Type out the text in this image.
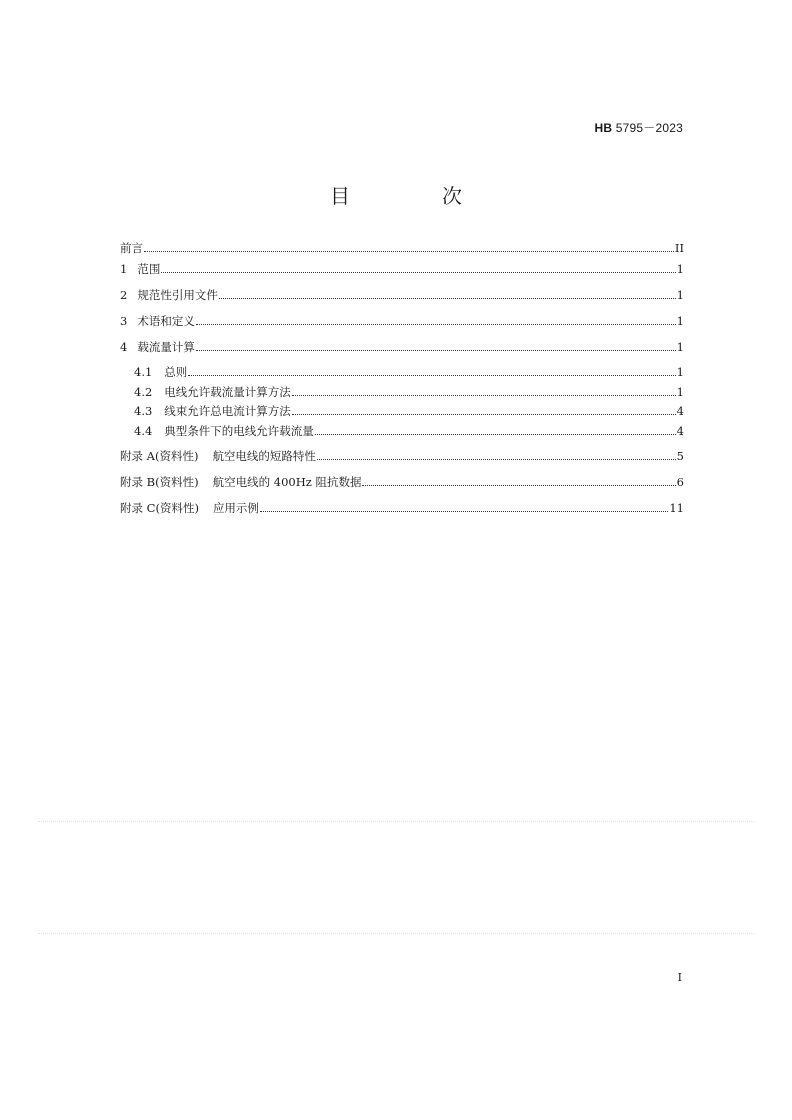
HB 5795－2023
目　次
前言	II
1 范围	1
2 规范性引用文件	1
3 术语和定义	1
4 载流量计算	1
4.1 总则	1
4.2 电线允许载流量计算方法	1
4.3 线束允许总电流计算方法	4
4.4 典型条件下的电线允许载流量	4
附录 A(资料性) 航空电线的短路特性	5
附录 B(资料性) 航空电线的 400Hz 阻抗数据	6
附录 C(资料性) 应用示例	11
I
